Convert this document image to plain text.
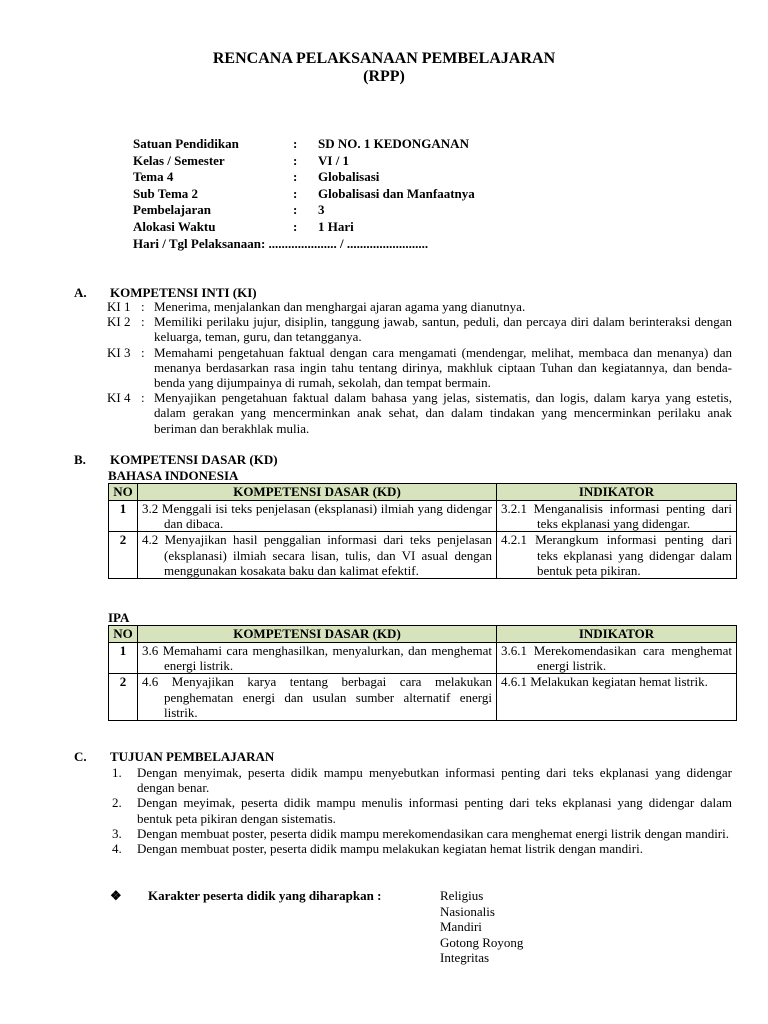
RENCANA PELAKSANAAN PEMBELAJARAN
(RPP)
Satuan Pendidikan	: SD NO. 1 KEDONGANAN
Kelas / Semester	: VI / 1
Tema 4	: Globalisasi
Sub Tema 2	: Globalisasi dan Manfaatnya
Pembelajaran	: 3
Alokasi Waktu	: 1 Hari
Hari / Tgl Pelaksanaan: ..................... / .........................
A. KOMPETENSI INTI (KI)
KI 1 : Menerima, menjalankan dan menghargai ajaran agama yang dianutnya.
KI 2 : Memiliki perilaku jujur, disiplin, tanggung jawab, santun, peduli, dan percaya diri dalam berinteraksi dengan keluarga, teman, guru, dan tetangganya.
KI 3 : Memahami pengetahuan faktual dengan cara mengamati (mendengar, melihat, membaca dan menanya) dan menanya berdasarkan rasa ingin tahu tentang dirinya, makhluk ciptaan Tuhan dan kegiatannya, dan benda-benda yang dijumpainya di rumah, sekolah, dan tempat bermain.
KI 4 : Menyajikan pengetahuan faktual dalam bahasa yang jelas, sistematis, dan logis, dalam karya yang estetis, dalam gerakan yang mencerminkan anak sehat, dan dalam tindakan yang mencerminkan perilaku anak beriman dan berakhlak mulia.
B. KOMPETENSI DASAR (KD)
BAHASA INDONESIA
NO	KOMPETENSI DASAR (KD)	INDIKATOR
1	3.2 Menggali isi teks penjelasan (eksplanasi) ilmiah yang didengar dan dibaca.	3.2.1 Menganalisis informasi penting dari teks ekplanasi yang didengar.

2	4.2 Menyajikan hasil penggalian informasi dari teks penjelasan (eksplanasi) ilmiah secara lisan, tulis, dan VI asual dengan menggunakan kosakata baku dan kalimat efektif.	4.2.1 Merangkum informasi penting dari teks ekplanasi yang didengar dalam bentuk peta pikiran.
IPA
NO	KOMPETENSI DASAR (KD)	INDIKATOR
1	3.6 Memahami cara menghasilkan, menyalurkan, dan menghemat energi listrik.	3.6.1 Merekomendasikan cara menghemat energi listrik.

2	4.6 Menyajikan karya tentang berbagai cara melakukan penghematan energi dan usulan sumber alternatif energi listrik.	4.6.1 Melakukan kegiatan hemat listrik.
C. TUJUAN PEMBELAJARAN
1. Dengan menyimak, peserta didik mampu menyebutkan informasi penting dari teks ekplanasi yang didengar dengan benar.
2. Dengan meyimak, peserta didik mampu menulis informasi penting dari teks ekplanasi yang didengar dalam bentuk peta pikiran dengan sistematis.
3. Dengan membuat poster, peserta didik mampu merekomendasikan cara menghemat energi listrik dengan mandiri.
4. Dengan membuat poster, peserta didik mampu melakukan kegiatan hemat listrik dengan mandiri.
❖ Karakter peserta didik yang diharapkan :	Religius
Nasionalis
Mandiri
Gotong Royong
Integritas
